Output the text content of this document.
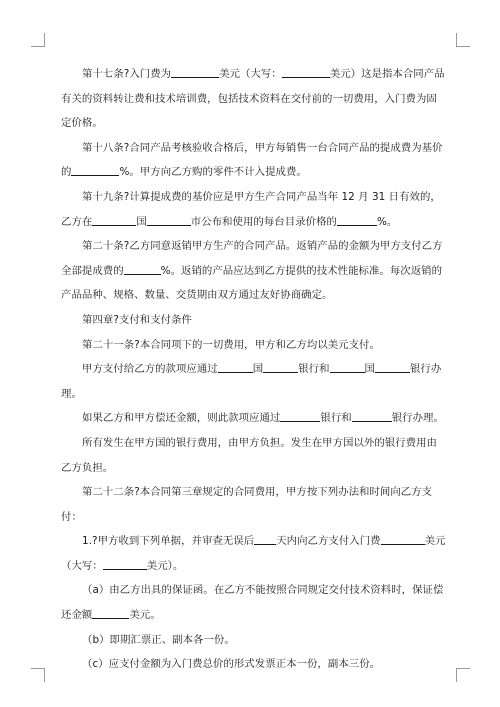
第十七条?入门费为	美元（大写：	美元）这是指本合同产品有关的资料转让费和技术培训费，包括技术资料在交付前的一切费用，入门费为固定价格。

第十八条?合同产品考核验收合格后，甲方每销售一台合同产品的提成费为基价的	%。甲方向乙方购的零件不计入提成费。

第十九条?计算提成费的基价应是甲方生产合同产品当年 12 月 31 日有效的，乙方在	国	市公布和使用的每台目录价格的	%。

第二十条?乙方同意返销甲方生产的合同产品。返销产品的金额为甲方支付乙方全部提成费的	%。返销的产品应达到乙方提供的技术性能标准。每次返销的产品品种、规格、数量、交货期由双方通过友好协商确定。

第四章?支付和支付条件

第二十一条?本合同项下的一切费用，甲方和乙方均以美元支付。

甲方支付给乙方的款项应通过	国	银行和	国	银行办理。

如果乙方和甲方偿还金额，则此款项应通过	银行和	银行办理。

所有发生在甲方国的银行费用，由甲方负担。发生在甲方国以外的银行费用由乙方负担。

第二十二条?本合同第三章规定的合同费用，甲方按下列办法和时间向乙方支付：

1.?甲方收到下列单据，并审查无误后 天内向乙方支付入门费	美元（大写：	美元）。

（a）由乙方出具的保证函。在乙方不能按照合同规定交付技术资料时，保证偿还金额	美元。

（b）即期汇票正、副本各一份。

（c）应支付金额为入门费总价的形式发票正本一份，副本三份。
